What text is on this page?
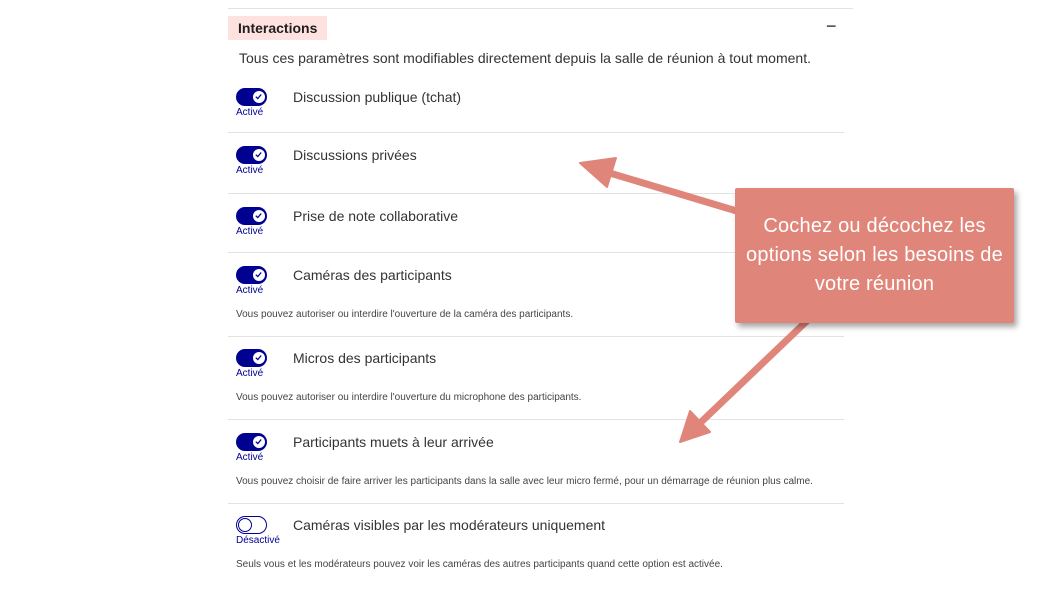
Interactions	−
Tous ces paramètres sont modifiables directement depuis la salle de réunion à tout moment.
Activé
Discussion publique (tchat)
Activé
Discussions privées
Activé
Prise de note collaborative
Activé
Caméras des participants
Vous pouvez autoriser ou interdire l'ouverture de la caméra des participants.
Activé
Micros des participants
Vous pouvez autoriser ou interdire l'ouverture du microphone des participants.
Activé
Participants muets à leur arrivée
Vous pouvez choisir de faire arriver les participants dans la salle avec leur micro fermé, pour un démarrage de réunion plus calme.
Désactivé
Caméras visibles par les modérateurs uniquement
Seuls vous et les modérateurs pouvez voir les caméras des autres participants quand cette option est activée.
Cochez ou décochez les options selon les besoins de votre réunion
